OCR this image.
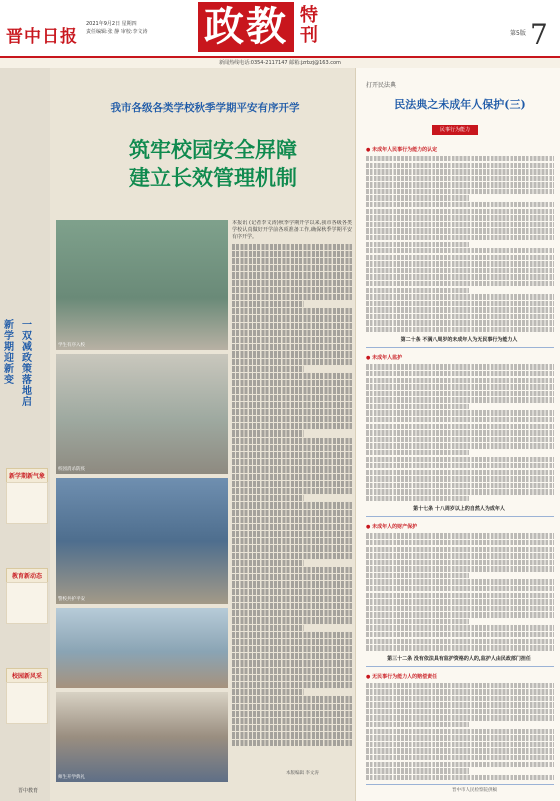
晋中日报
2021年9月2日 星期四
责任编辑:张 静 审校:李文涛 政教 特刊	第5版 7
新闻热线电话:0354-2117147 邮箱:jzrbzj@163.com
我市各级各类学校秋季学期平安有序开学
筑牢校园安全屏障
建立长效管理机制
新学期迎新变
一双减政策落地启
新学期新气象
教育新动态
校园新风采
学生有序入校
校园消杀防疫
警校共护平安
师生开学典礼
本报讯 (记者李文涛)秋季学期开学以来,我市各级各类学校认真做好开学前各项准备工作,确保秋季学期平安有序开学。
本版编辑 李文涛
晋中教育
打开民法典
民法典之未成年人保护(三)
民事行为能力
● 未成年人民事行为能力的认定
第二十条 不满八周岁的未成年人为无民事行为能力人
● 未成年人监护
第十七条 十八周岁以上的自然人为成年人
● 未成年人的财产保护
第三十二条 没有依法具有监护资格的人的,监护人由民政部门担任
● 无民事行为能力人的赔偿责任
晋中市人民检察院供稿
